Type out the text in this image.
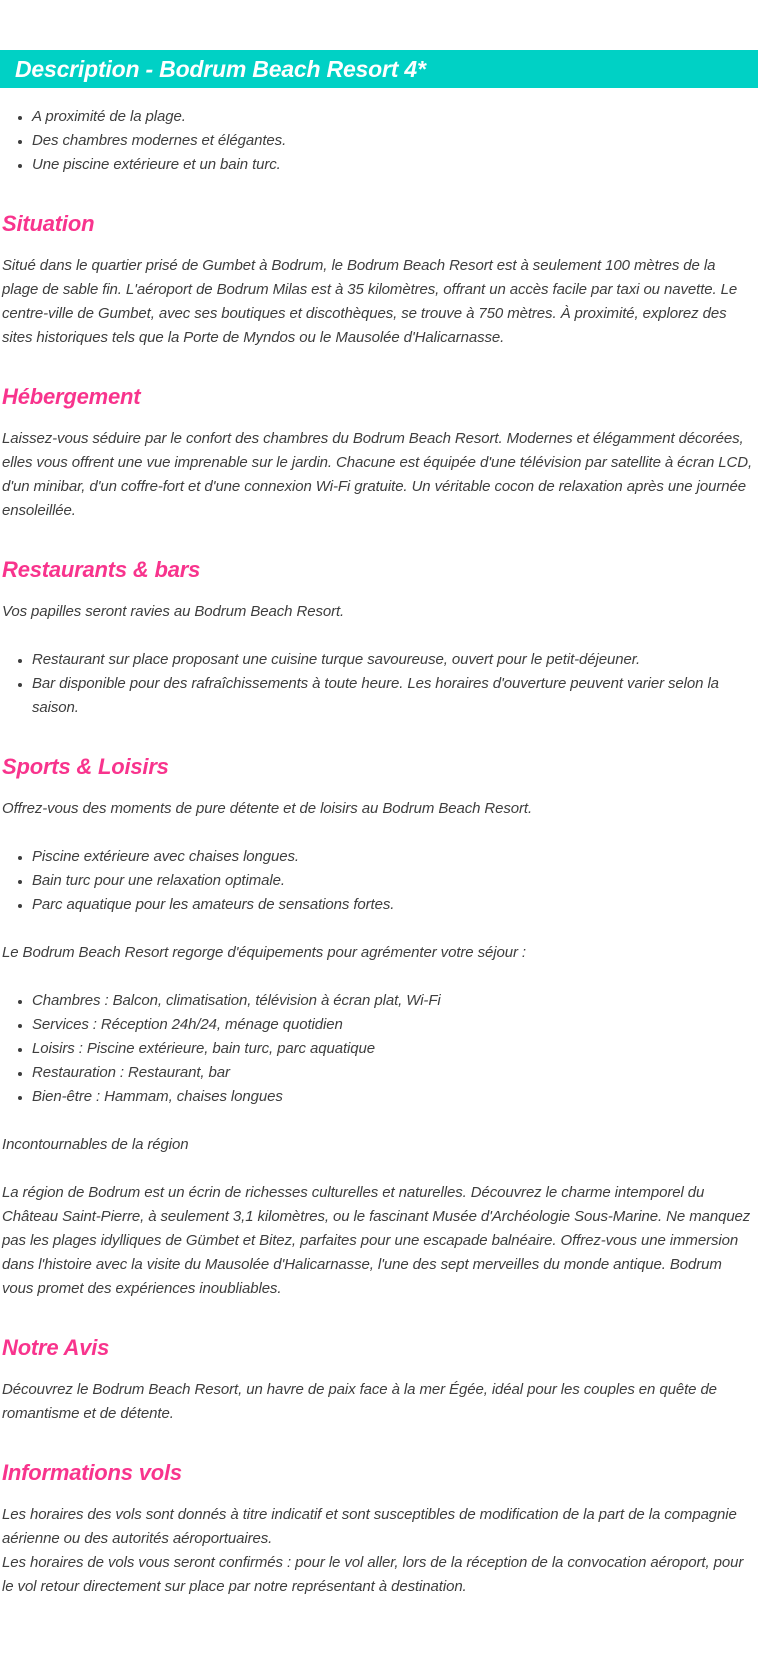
Description - Bodrum Beach Resort 4*
• A proximité de la plage.
• Des chambres modernes et élégantes.
• Une piscine extérieure et un bain turc.
Situation

Situé dans le quartier prisé de Gumbet à Bodrum, le Bodrum Beach Resort est à seulement 100 mètres de la plage de sable fin. L'aéroport de Bodrum Milas est à 35 kilomètres, offrant un accès facile par taxi ou navette. Le centre-ville de Gumbet, avec ses boutiques et discothèques, se trouve à 750 mètres. À proximité, explorez des sites historiques tels que la Porte de Myndos ou le Mausolée d'Halicarnasse.

Hébergement

Laissez-vous séduire par le confort des chambres du Bodrum Beach Resort. Modernes et élégamment décorées, elles vous offrent une vue imprenable sur le jardin. Chacune est équipée d'une télévision par satellite à écran LCD, d'un minibar, d'un coffre-fort et d'une connexion Wi-Fi gratuite. Un véritable cocon de relaxation après une journée ensoleillée.

Restaurants & bars

Vos papilles seront ravies au Bodrum Beach Resort.

• Restaurant sur place proposant une cuisine turque savoureuse, ouvert pour le petit-déjeuner.
• Bar disponible pour des rafraîchissements à toute heure. Les horaires d'ouverture peuvent varier selon la saison.
Sports & Loisirs

Offrez-vous des moments de pure détente et de loisirs au Bodrum Beach Resort.

• Piscine extérieure avec chaises longues.
• Bain turc pour une relaxation optimale.
• Parc aquatique pour les amateurs de sensations fortes.

Le Bodrum Beach Resort regorge d'équipements pour agrémenter votre séjour :

• Chambres : Balcon, climatisation, télévision à écran plat, Wi-Fi
• Services : Réception 24h/24, ménage quotidien
• Loisirs : Piscine extérieure, bain turc, parc aquatique
• Restauration : Restaurant, bar
• Bien-être : Hammam, chaises longues

Incontournables de la région

La région de Bodrum est un écrin de richesses culturelles et naturelles. Découvrez le charme intemporel du Château Saint-Pierre, à seulement 3,1 kilomètres, ou le fascinant Musée d'Archéologie Sous-Marine. Ne manquez pas les plages idylliques de Gümbet et Bitez, parfaites pour une escapade balnéaire. Offrez-vous une immersion dans l'histoire avec la visite du Mausolée d'Halicarnasse, l'une des sept merveilles du monde antique. Bodrum vous promet des expériences inoubliables.

Notre Avis

Découvrez le Bodrum Beach Resort, un havre de paix face à la mer Égée, idéal pour les couples en quête de romantisme et de détente.

Informations vols

Les horaires des vols sont donnés à titre indicatif et sont susceptibles de modification de la part de la compagnie aérienne ou des autorités aéroportuaires.
Les horaires de vols vous seront confirmés : pour le vol aller, lors de la réception de la convocation aéroport, pour le vol retour directement sur place par notre représentant à destination.
